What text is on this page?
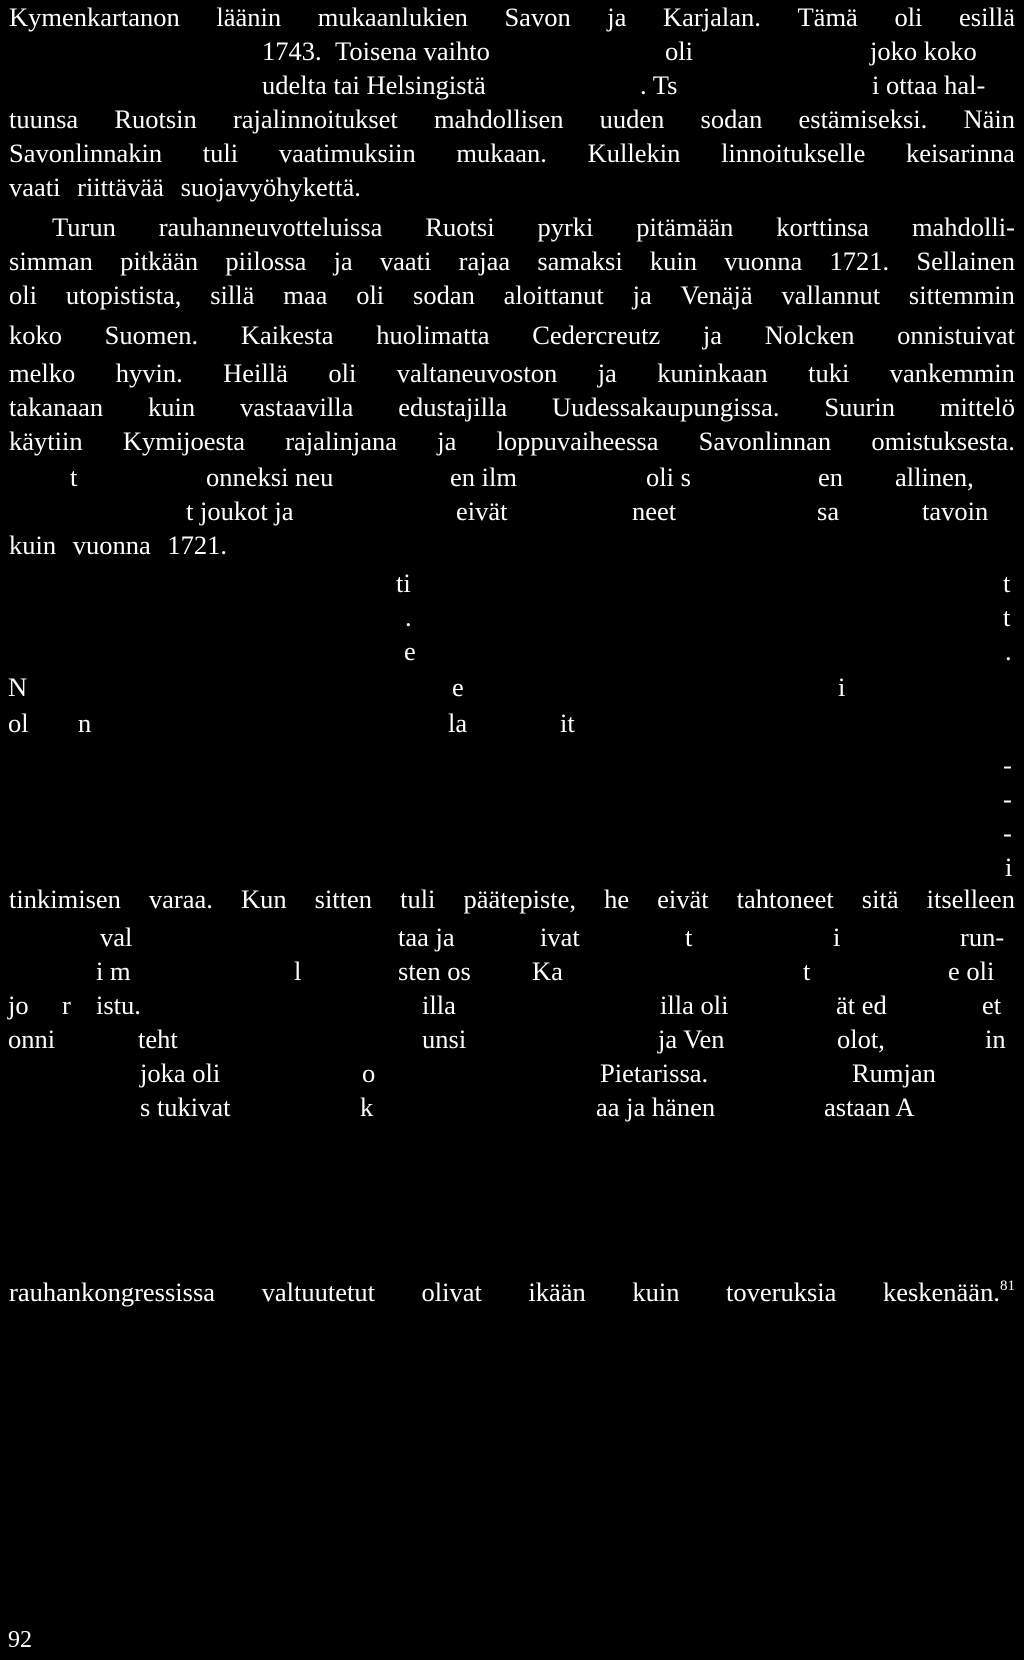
Kymenkartanon läänin mukaanlukien Savon ja Karjalan. Tämä oli esillä
1743. Toisena vaihto	oli	joko koko
udelta tai Helsingistä	. Ts	i ottaa hal-
tuunsa Ruotsin rajalinnoitukset mahdollisen uuden sodan estämiseksi. Näin
Savonlinnakin tuli vaatimuksiin mukaan. Kullekin linnoitukselle keisarinna
vaati riittävää suojavyöhykettä.
Turun rauhanneuvotteluissa Ruotsi pyrki pitämään korttinsa mahdolli-
simman pitkään piilossa ja vaati rajaa samaksi kuin vuonna 1721. Sellainen
oli utopistista, sillä maa oli sodan aloittanut ja Venäjä vallannut sittemmin
koko Suomen. Kaikesta huolimatta Cedercreutz ja Nolcken onnistuivat
melko hyvin. Heillä oli valtaneuvoston ja kuninkaan tuki vankemmin
takanaan kuin vastaavilla edustajilla Uudessakaupungissa. Suurin mittelö
käytiin Kymijoesta rajalinjana ja loppuvaiheessa Savonlinnan omistuksesta.
t	onneksi neu	en ilm	oli s	en allinen,
t joukot ja	eivät	neet	sa	tavoin
kuin vuonna 1721.
ti	t
.	t
e	.
N	e	i
ol n	la	it
-
-
-
i
tinkimisen varaa. Kun sitten tuli päätepiste, he eivät tahtoneet sitä itselleen
val	taa ja	ivat	t	i	run-
i m	l	sten os Ka	t	e oli
jo r istu.	illa	illa oli	ät ed	et
onni	teht	unsi	ja Ven	olot,	in
joka oli	o	Pietarissa.	Rumjan
s tukivat	k	aa ja hänen	astaan A
rauhankongressissa valtuutetut olivat ikään kuin toveruksia keskenään.$^{81}$
92
